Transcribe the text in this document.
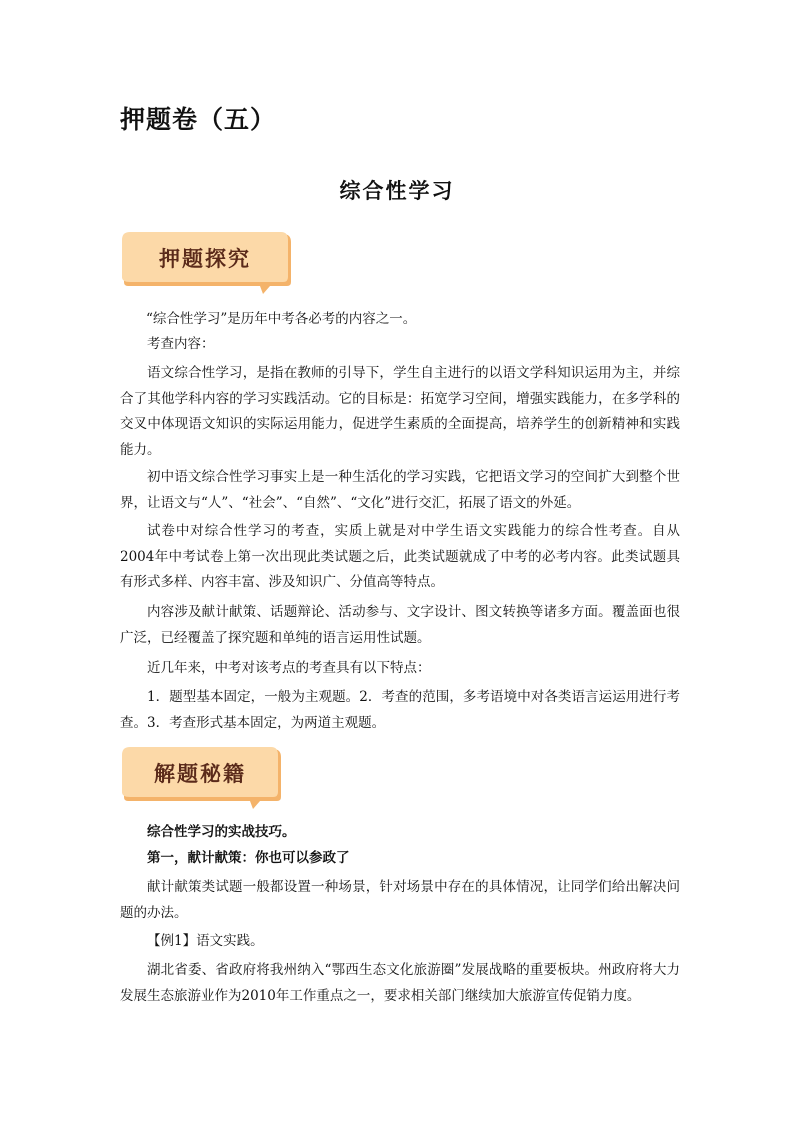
押题卷（五）
综合性学习
押题探究

“综合性学习”是历年中考各必考的内容之一。

考查内容：

语文综合性学习，是指在教师的引导下，学生自主进行的以语文学科知识运用为主，并综合了其他学科内容的学习实践活动。它的目标是：拓宽学习空间，增强实践能力，在多学科的交叉中体现语文知识的实际运用能力，促进学生素质的全面提高，培养学生的创新精神和实践能力。

初中语文综合性学习事实上是一种生活化的学习实践，它把语文学习的空间扩大到整个世界，让语文与“人”、“社会”、“自然”、“文化”进行交汇，拓展了语文的外延。

试卷中对综合性学习的考查，实质上就是对中学生语文实践能力的综合性考查。自从2004年中考试卷上第一次出现此类试题之后，此类试题就成了中考的必考内容。此类试题具有形式多样、内容丰富、涉及知识广、分值高等特点。

内容涉及献计献策、话题辩论、活动参与、文字设计、图文转换等诸多方面。覆盖面也很广泛，已经覆盖了探究题和单纯的语言运用性试题。

近几年来，中考对该考点的考查具有以下特点：

1．题型基本固定，一般为主观题。2．考查的范围，多考语境中对各类语言运运用进行考查。3．考查形式基本固定，为两道主观题。

解题秘籍

综合性学习的实战技巧。

第一，献计献策：你也可以参政了

献计献策类试题一般都设置一种场景，针对场景中存在的具体情况，让同学们给出解决问题的办法。

【例1】语文实践。

湖北省委、省政府将我州纳入“鄂西生态文化旅游圈”发展战略的重要板块。州政府将大力发展生态旅游业作为2010年工作重点之一，要求相关部门继续加大旅游宣传促销力度。
